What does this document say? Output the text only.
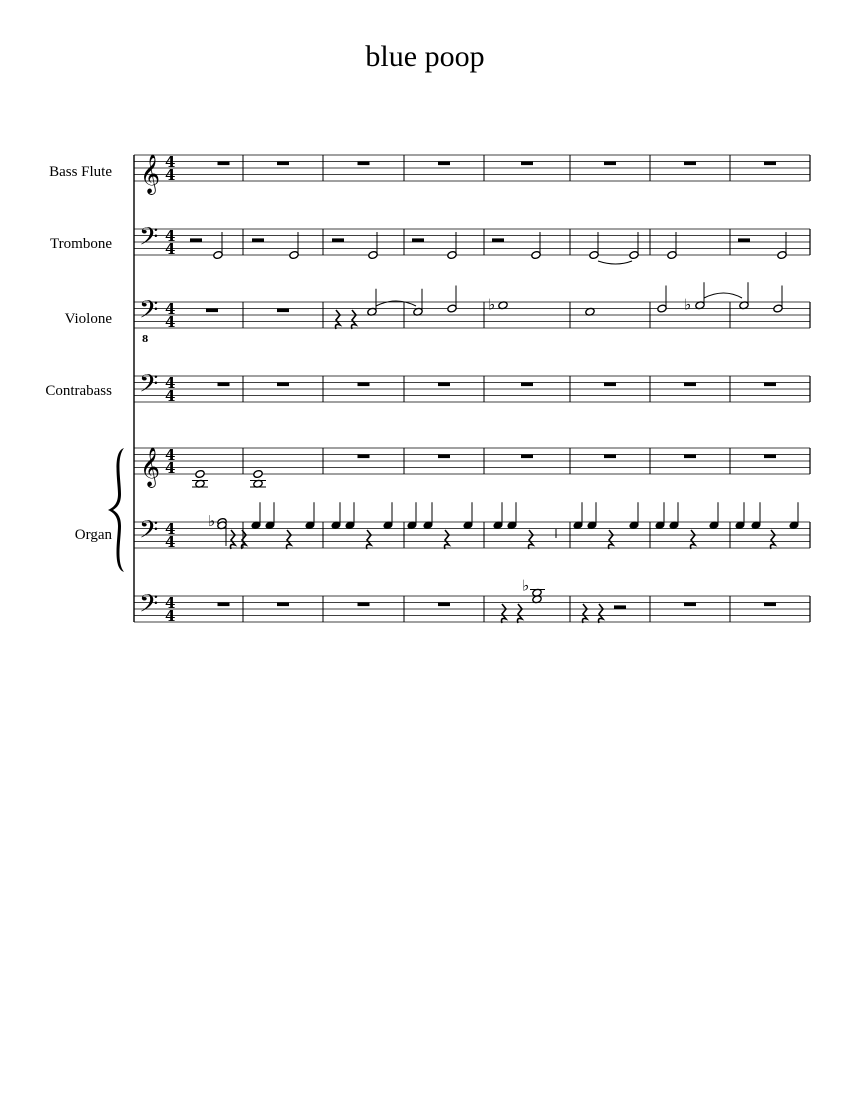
blue poop
Bass Flute
Trombone
Violone
Contrabass
Organ
𝄞 4
4
𝄢 4
4
𝄢
8
4
4
𝄢 4
4
𝄞 4
4
𝄢 4
4
𝄢 4
4
♭	♭
♭
♭
